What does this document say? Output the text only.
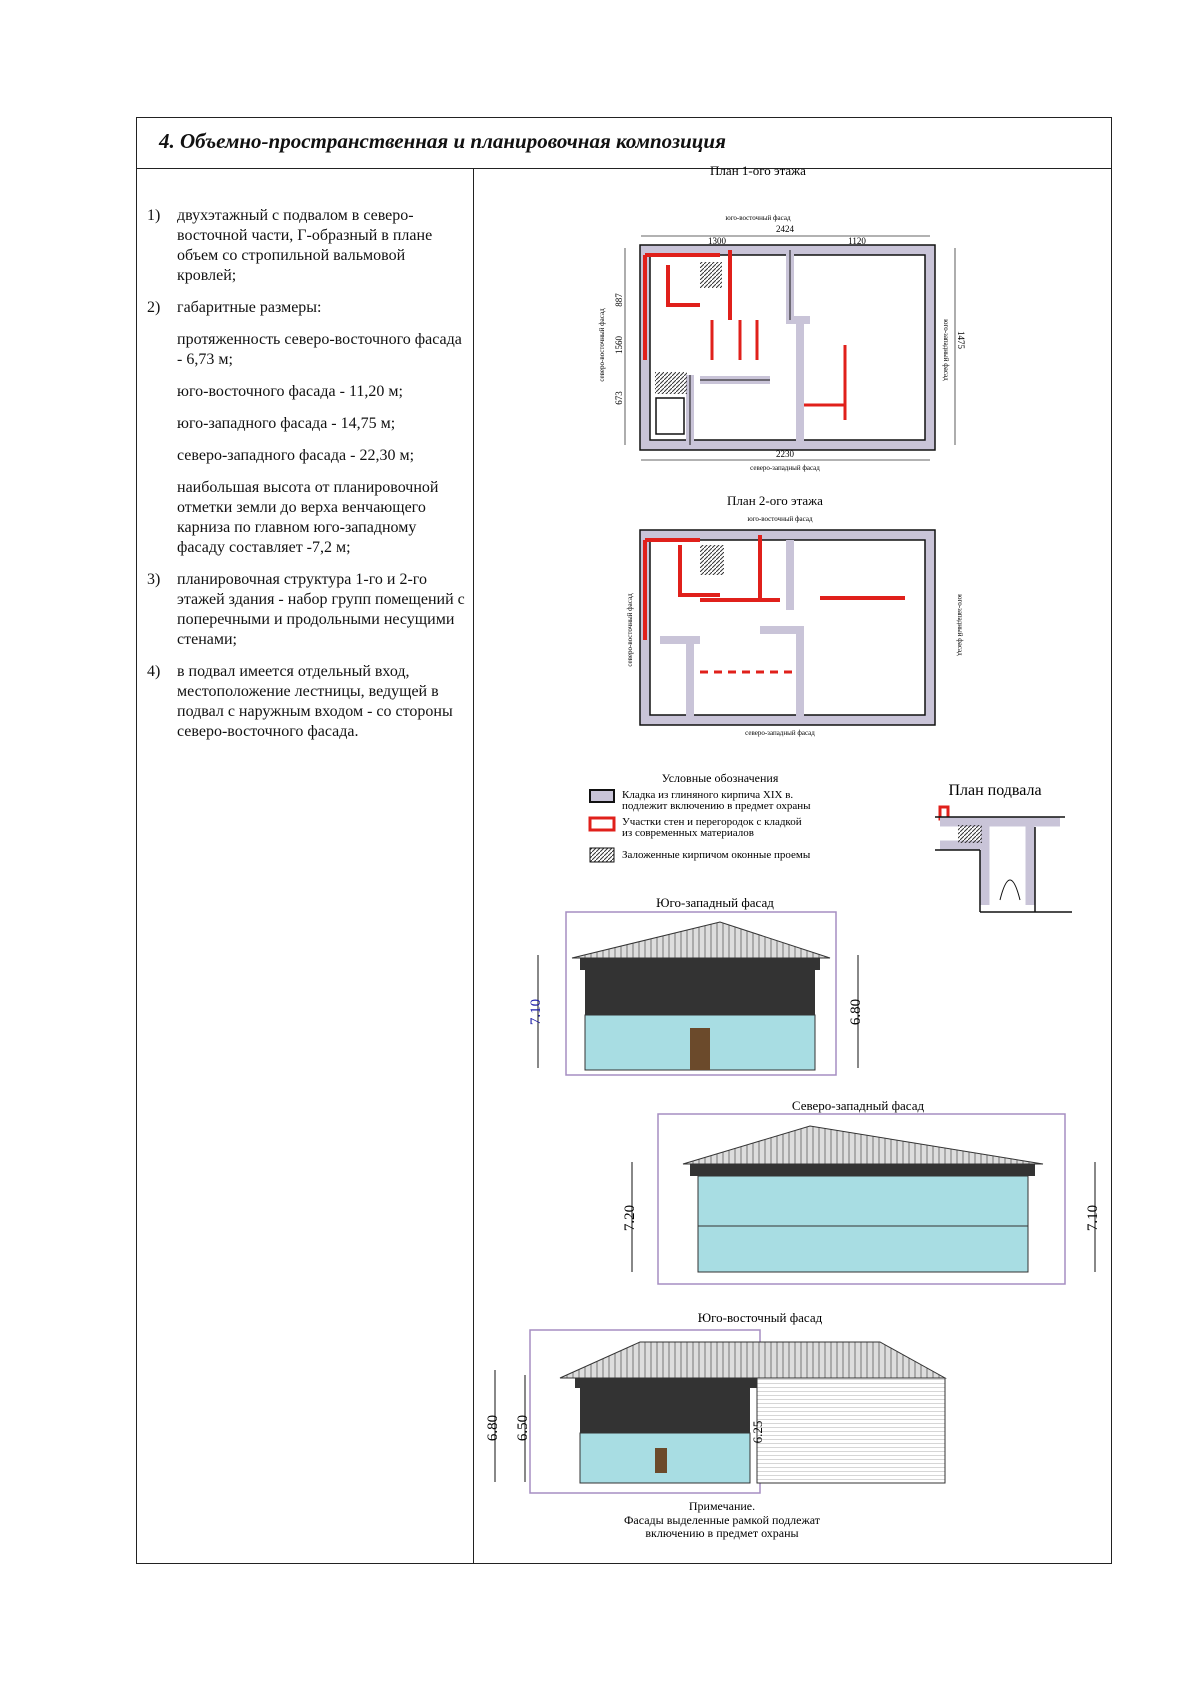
4. Объемно-пространственная и планировочная композиция
1) двухэтажный с подвалом в северо-восточной части, Г-образный в плане объем со стропильной вальмовой кровлей;
2) габаритные размеры:
протяженность северо-восточного фасада - 6,73 м;
юго-восточного фасада - 11,20 м;
юго-западного фасада - 14,75 м;
северо-западного фасада - 22,30 м;
наибольшая высота от планировочной отметки земли до верха венчающего карниза по главном юго-западному фасаду составляет -7,2 м;
3) планировочная структура 1-го и 2-го этажей здания - набор групп помещений с поперечными и продольными несущими стенами;
4) в подвал имеется отдельный вход, местоположение лестницы, ведущей в подвал с наружным входом - со стороны северо-восточного фасада.
План 1-ого этажа
юго-восточный фасад
2424
1300	1120
887
1560
673
северо-восточный фасад	1475
юго-западный фасад
2230
северо-западный фасад
План 2-ого этажа
юго-восточный фасад
северо-восточный фасад	юго-западный фасад
северо-западный фасад
Условные обозначения
Кладка из глиняного кирпича XIX в. подлежит включению в предмет охраны
Участки стен и перегородок с кладкой из современных материалов
Заложенные кирпичом оконные проемы
План подвала
Юго-западный фасад
7.10	6.80
Северо-западный фасад
7.20	7.10
Юго-восточный фасад
6.80 6.50	6.25
Примечание.
Фасады выделенные рамкой подлежат
включению в предмет охраны
